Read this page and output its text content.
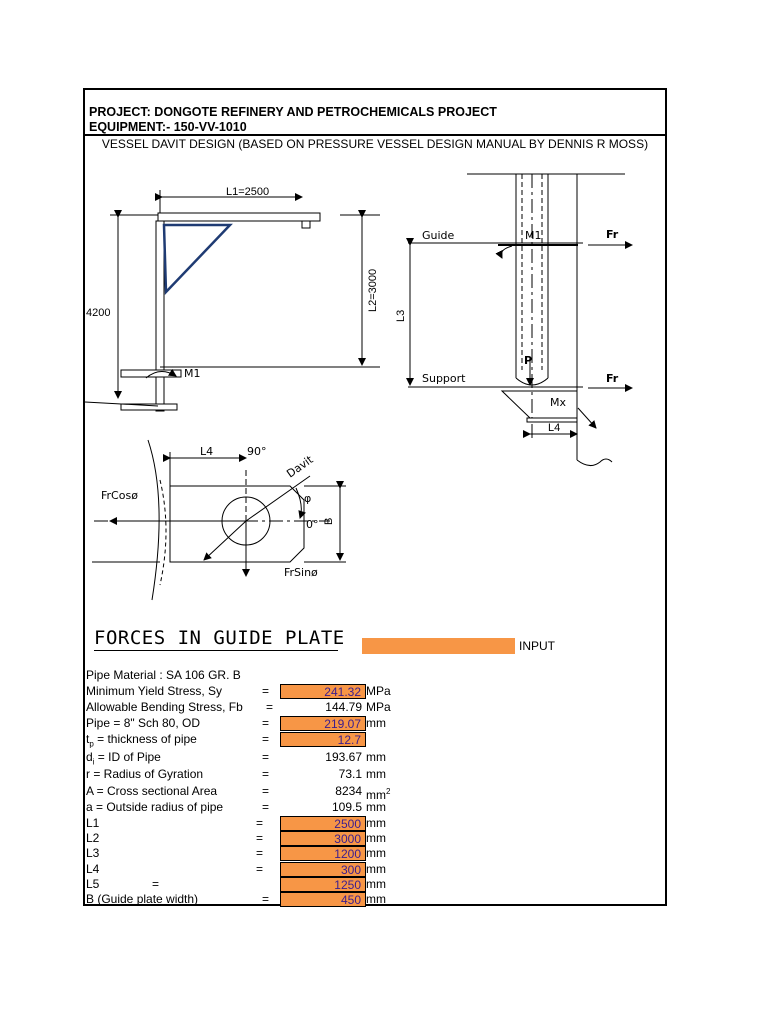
PROJECT: DONGOTE REFINERY AND PETROCHEMICALS PROJECT
EQUIPMENT:- 150-VV-1010
VESSEL DAVIT DESIGN (BASED ON PRESSURE VESSEL DESIGN MANUAL BY DENNIS R MOSS)
M1
L1=2500
L2=3000
4200
Guide	M1	Fr
Support	Fr
P
L3
Mx
L4
L4	90°
Davit
φ
0° B
FrCosø
FrSinø
FORCES IN GUIDE PLATE	INPUT
Pipe Material : SA 106 GR. B
Minimum Yield Stress, Sy	=	241.32 MPa
Allowable Bending Stress, Fb =	144.79 MPa
Pipe = 8" Sch 80, OD	=	219.07 mm
$t_p$ = thickness of pipe	=	12.7
$d_i$ = ID of Pipe	=	193.67 mm
r = Radius of Gyration	=	73.1 mm
A = Cross sectional Area	=	8234 $mm^2$
a = Outside radius of pipe	=	109.5 mm
L1	=	2500 mm
L2	=	3000 mm
L3	=	1200 mm
L4	=	300 mm
L5	=	1250 mm
B (Guide plate width)	=	450 mm
